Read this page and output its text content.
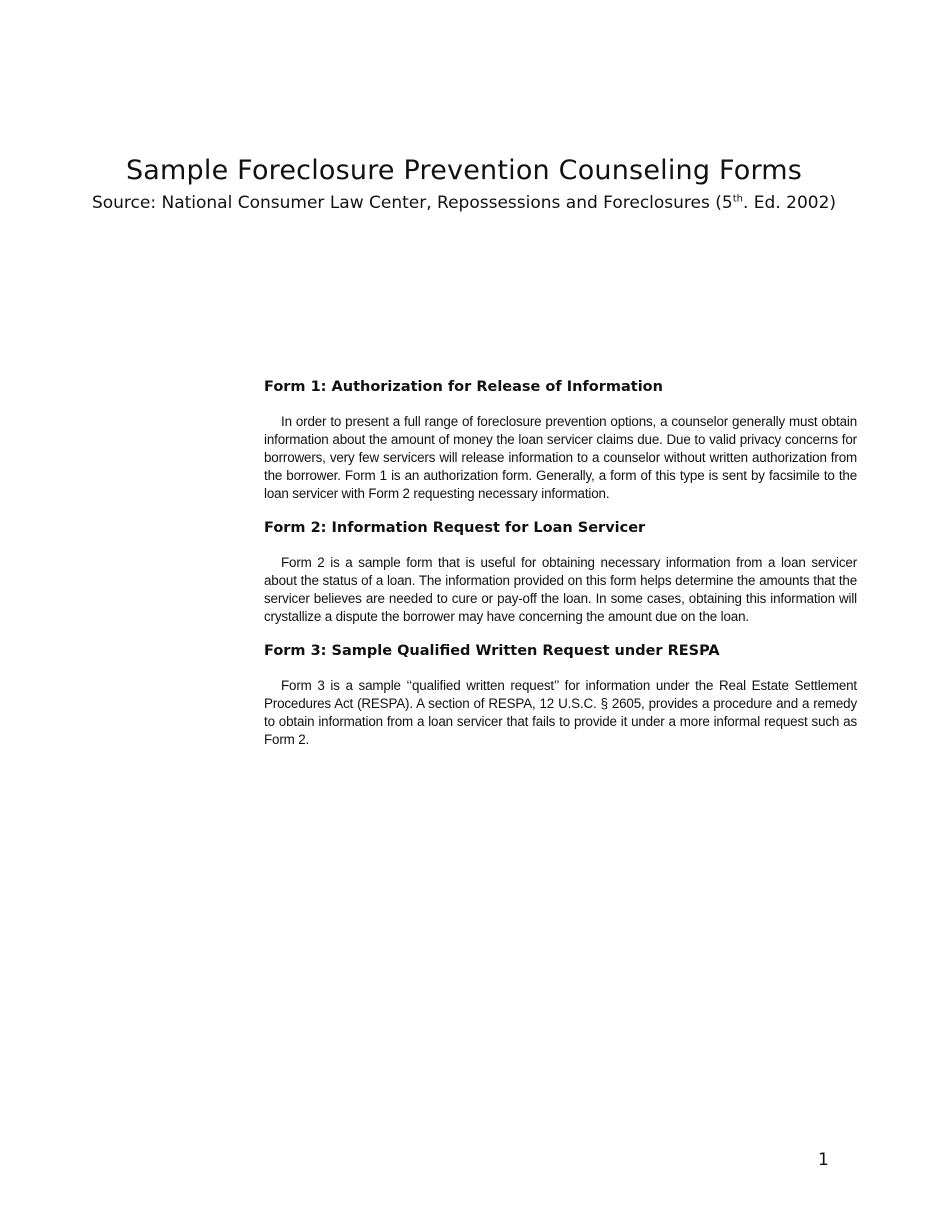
Sample Foreclosure Prevention Counseling Forms

Source: National Consumer Law Center, Repossessions and Foreclosures (5th. Ed. 2002)

Form 1: Authorization for Release of Information

In order to present a full range of foreclosure prevention options, a counselor generally must obtain information about the amount of money the loan servicer claims due. Due to valid privacy concerns for borrowers, very few servicers will release information to a counselor without written authorization from the borrower. Form 1 is an authorization form. Generally, a form of this type is sent by facsimile to the loan servicer with Form 2 requesting necessary information.

Form 2: Information Request for Loan Servicer

Form 2 is a sample form that is useful for obtaining necessary information from a loan servicer about the status of a loan. The information provided on this form helps determine the amounts that the servicer believes are needed to cure or pay-off the loan. In some cases, obtaining this information will crystallize a dispute the borrower may have concerning the amount due on the loan.

Form 3: Sample Qualified Written Request under RESPA

Form 3 is a sample ‘‘qualified written request’’ for information under the Real Estate Settlement Procedures Act (RESPA). A section of RESPA, 12 U.S.C. § 2605, provides a procedure and a remedy to obtain information from a loan servicer that fails to provide it under a more informal request such as Form 2.

1
